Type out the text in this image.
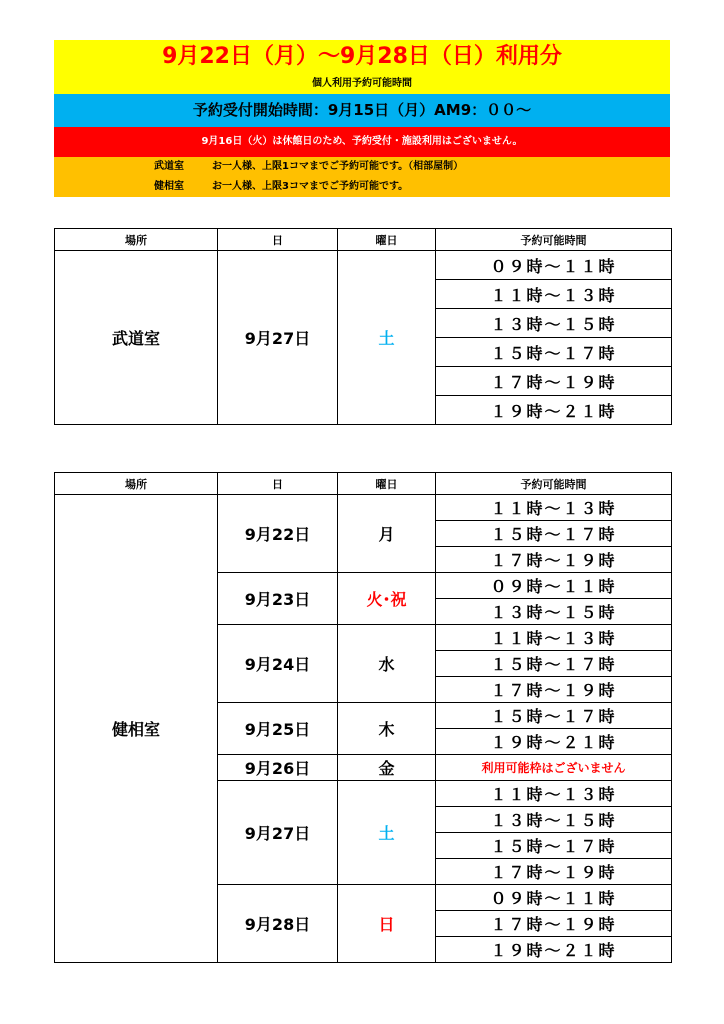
9月22日（月）～9月28日（日）利用分
個人利用予約可能時間
予約受付開始時間：9月15日（月）AM9：００～
9月16日（火）は休館日のため、予約受付・施設利用はございません。
武道室	お一人様、上限1コマまでご予約可能です。（相部屋制）
健相室	お一人様、上限3コマまでご予約可能です。
場所	日	曜日	予約可能時間
武道室	9月27日	土	０９時～１１時
			１１時～１３時
			１３時～１５時
			１５時～１７時
			１７時～１９時
			１９時～２１時
場所	日	曜日	予約可能時間
健相室	9月22日	月	１１時～１３時
			１５時～１７時
			１７時～１９時
	9月23日	火･祝	０９時～１１時
			１３時～１５時
	9月24日	水	１１時～１３時
			１５時～１７時
			１７時～１９時
	9月25日	木	１５時～１７時
			１９時～２１時
	9月26日	金	利用可能枠はございません
	9月27日	土	１１時～１３時
			１３時～１５時
			１５時～１７時
			１７時～１９時
	9月28日	日	０９時～１１時
			１７時～１９時
			１９時～２１時
